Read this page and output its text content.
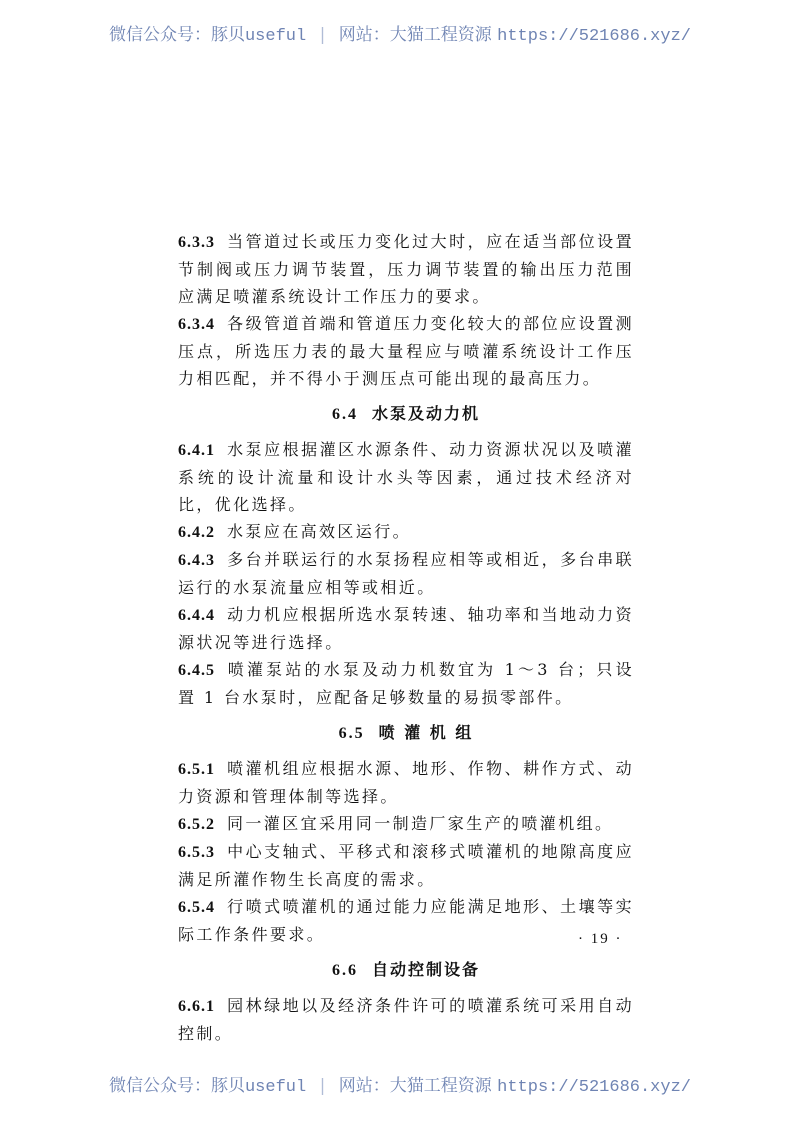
微信公众号：豚贝useful | 网站：大猫工程资源 https://521686.xyz/
6.3.3 当管道过长或压力变化过大时，应在适当部位设置节制阀或压力调节装置，压力调节装置的输出压力范围应满足喷灌系统设计工作压力的要求。
6.3.4 各级管道首端和管道压力变化较大的部位应设置测压点，所选压力表的最大量程应与喷灌系统设计工作压力相匹配，并不得小于测压点可能出现的最高压力。
6.4 水泵及动力机
6.4.1 水泵应根据灌区水源条件、动力资源状况以及喷灌系统的设计流量和设计水头等因素，通过技术经济对比，优化选择。
6.4.2 水泵应在高效区运行。
6.4.3 多台并联运行的水泵扬程应相等或相近，多台串联运行的水泵流量应相等或相近。
6.4.4 动力机应根据所选水泵转速、轴功率和当地动力资源状况等进行选择。
6.4.5 喷灌泵站的水泵及动力机数宜为 1～3 台；只设置 1 台水泵时，应配备足够数量的易损零部件。
6.5 喷 灌 机 组
6.5.1 喷灌机组应根据水源、地形、作物、耕作方式、动力资源和管理体制等选择。
6.5.2 同一灌区宜采用同一制造厂家生产的喷灌机组。
6.5.3 中心支轴式、平移式和滚移式喷灌机的地隙高度应满足所灌作物生长高度的需求。
6.5.4 行喷式喷灌机的通过能力应能满足地形、土壤等实际工作条件要求。
6.6 自动控制设备
6.6.1 园林绿地以及经济条件许可的喷灌系统可采用自动控制。
· 19 ·
微信公众号：豚贝useful | 网站：大猫工程资源 https://521686.xyz/
